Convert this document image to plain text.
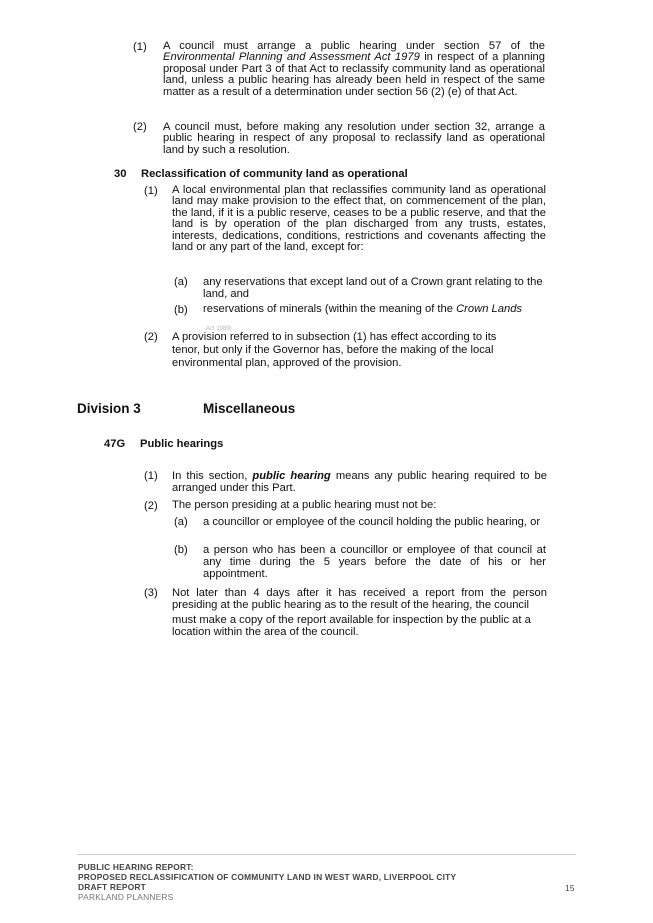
(1) A council must arrange a public hearing under section 57 of the Environmental Planning and Assessment Act 1979 in respect of a planning proposal under Part 3 of that Act to reclassify community land as operational land, unless a public hearing has already been held in respect of the same matter as a result of a determination under section 56 (2) (e) of that Act.
(2) A council must, before making any resolution under section 32, arrange a public hearing in respect of any proposal to reclassify land as operational land by such a resolution.
30 Reclassification of community land as operational
(1) A local environmental plan that reclassifies community land as operational land may make provision to the effect that, on commencement of the plan, the land, if it is a public reserve, ceases to be a public reserve, and that the land is by operation of the plan discharged from any trusts, estates, interests, dedications, conditions, restrictions and covenants affecting the land or any part of the land, except for:
(a) any reservations that except land out of a Crown grant relating to the land, and
(b) reservations of minerals (within the meaning of the Crown Lands
Act 1989).
(2) A provision referred to in subsection (1) has effect according to its tenor, but only if the Governor has, before the making of the local environmental plan, approved of the provision.
Division 3	Miscellaneous
47G Public hearings
(1) In this section, public hearing means any public hearing required to be arranged under this Part.
(2) The person presiding at a public hearing must not be:
(a) a councillor or employee of the council holding the public hearing, or
(b) a person who has been a councillor or employee of that council at any time during the 5 years before the date of his or her appointment.
(3) Not later than 4 days after it has received a report from the person presiding at the public hearing as to the result of the hearing, the council
must make a copy of the report available for inspection by the public at a location within the area of the council.
PUBLIC HEARING REPORT:
PROPOSED RECLASSIFICATION OF COMMUNITY LAND IN WEST WARD, LIVERPOOL CITY
DRAFT REPORT
PARKLAND PLANNERS
15
